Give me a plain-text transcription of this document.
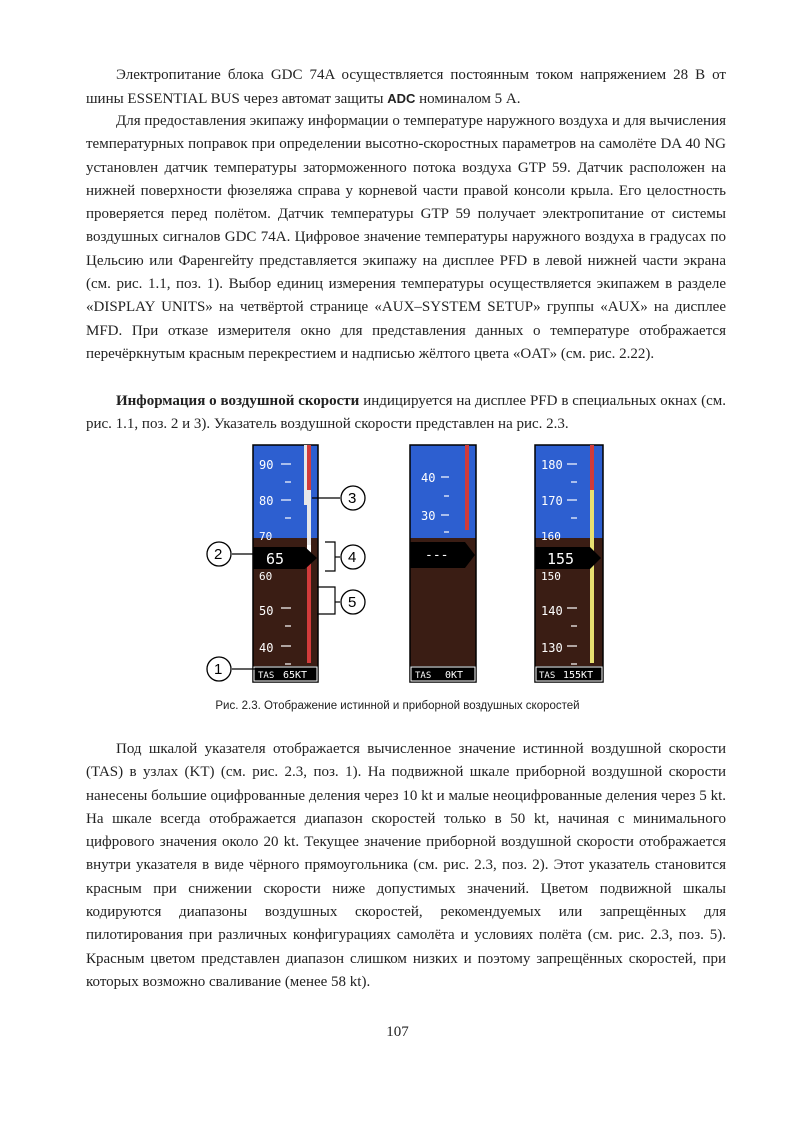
Электропитание блока GDC 74A осуществляется постоянным током напряжением 28 В от шины ESSENTIAL BUS через автомат защиты ADC номиналом 5 А.

Для предоставления экипажу информации о температуре наружного воздуха и для вычисления температурных поправок при определении высотно-скоростных параметров на самолёте DA 40 NG установлен датчик температуры заторможенного потока воздуха GTP 59. Датчик расположен на нижней поверхности фюзеляжа справа у корневой части правой консоли крыла. Его целостность проверяется перед полётом. Датчик температуры GTP 59 получает электропитание от системы воздушных сигналов GDC 74A. Цифровое значение температуры наружного воздуха в градусах по Цельсию или Фаренгейту представляется экипажу на дисплее PFD в левой нижней части экрана (см. рис. 1.1, поз. 1). Выбор единиц измерения температуры осуществляется экипажем в разделе «DISPLAY UNITS» на четвёртой странице «AUX–SYSTEM SETUP» группы «AUX» на дисплее MFD. При отказе измерителя окно для представления данных о температуре отображается перечёркнутым красным перекрестием и надписью жёлтого цвета «OAT» (см. рис. 2.22).

Информация о воздушной скорости индицируется на дисплее PFD в специальных окнах (см. рис. 1.1, поз. 2 и 3). Указатель воздушной скорости представлен на рис. 2.3.

90
80
70
60
50
40
65
TAS 65KT
40
30
---
TAS 0KT
180
170
160
150
140
130
155
TAS 155KT
1
2
3
4
5
Рис. 2.3. Отображение истинной и приборной воздушных скоростей

Под шкалой указателя отображается вычисленное значение истинной воздушной скорости (TAS) в узлах (KT) (см. рис. 2.3, поз. 1). На подвижной шкале приборной воздушной скорости нанесены большие оцифрованные деления через 10 kt и малые неоцифрованные деления через 5 kt. На шкале всегда отображается диапазон скоростей только в 50 kt, начиная с минимального цифрового значения около 20 kt. Текущее значение приборной воздушной скорости отображается внутри указателя в виде чёрного прямоугольника (см. рис. 2.3, поз. 2). Этот указатель становится красным при снижении скорости ниже допустимых значений. Цветом подвижной шкалы кодируются диапазоны воздушных скоростей, рекомендуемых или запрещённых для пилотирования при различных конфигурациях самолёта и условиях полёта (см. рис. 2.3, поз. 5). Красным цветом представлен диапазон слишком низких и поэтому запрещённых скоростей, при которых возможно сваливание (менее 58 kt).

107
